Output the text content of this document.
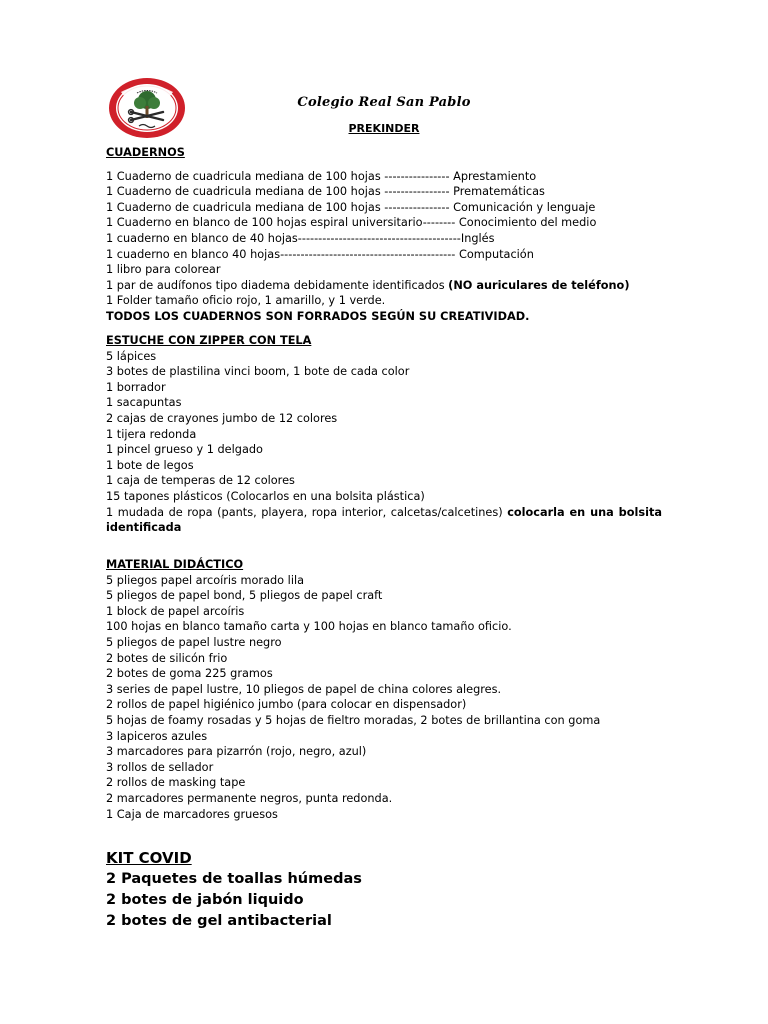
Colegio Real San Pablo
PREKINDER
CUADERNOS
1 Cuaderno de cuadricula mediana de 100 hojas ---------------- Aprestamiento
1 Cuaderno de cuadricula mediana de 100 hojas ---------------- Prematemáticas
1 Cuaderno de cuadricula mediana de 100 hojas ---------------- Comunicación y lenguaje
1 Cuaderno en blanco de 100 hojas espiral universitario-------- Conocimiento del medio
1 cuaderno en blanco de 40 hojas----------------------------------------Inglés
1 cuaderno en blanco 40 hojas------------------------------------------- Computación
1 libro para colorear
1 par de audífonos tipo diadema debidamente identificados (NO auriculares de teléfono)
1 Folder tamaño oficio rojo, 1 amarillo, y 1 verde.
TODOS LOS CUADERNOS SON FORRADOS SEGÚN SU CREATIVIDAD.
ESTUCHE CON ZIPPER CON TELA
5 lápices
3 botes de plastilina vinci boom, 1 bote de cada color
1 borrador
1 sacapuntas
2 cajas de crayones jumbo de 12 colores
1 tijera redonda
1 pincel grueso y 1 delgado
1 bote de legos
1 caja de temperas de 12 colores
15 tapones plásticos (Colocarlos en una bolsita plástica)
1 mudada de ropa (pants, playera, ropa interior, calcetas/calcetines) colocarla en una bolsita identificada
MATERIAL DIDÁCTICO
5 pliegos papel arcoíris morado lila
5 pliegos de papel bond, 5 pliegos de papel craft
1 block de papel arcoíris
100 hojas en blanco tamaño carta y 100 hojas en blanco tamaño oficio.
5 pliegos de papel lustre negro
2 botes de silicón frio
2 botes de goma 225 gramos
3 series de papel lustre, 10 pliegos de papel de china colores alegres.
2 rollos de papel higiénico jumbo (para colocar en dispensador)
5 hojas de foamy rosadas y 5 hojas de fieltro moradas, 2 botes de brillantina con goma
3 lapiceros azules
3 marcadores para pizarrón (rojo, negro, azul)
3 rollos de sellador
2 rollos de masking tape
2 marcadores permanente negros, punta redonda.
1 Caja de marcadores gruesos
KIT COVID
2 Paquetes de toallas húmedas
2 botes de jabón liquido
2 botes de gel antibacterial
